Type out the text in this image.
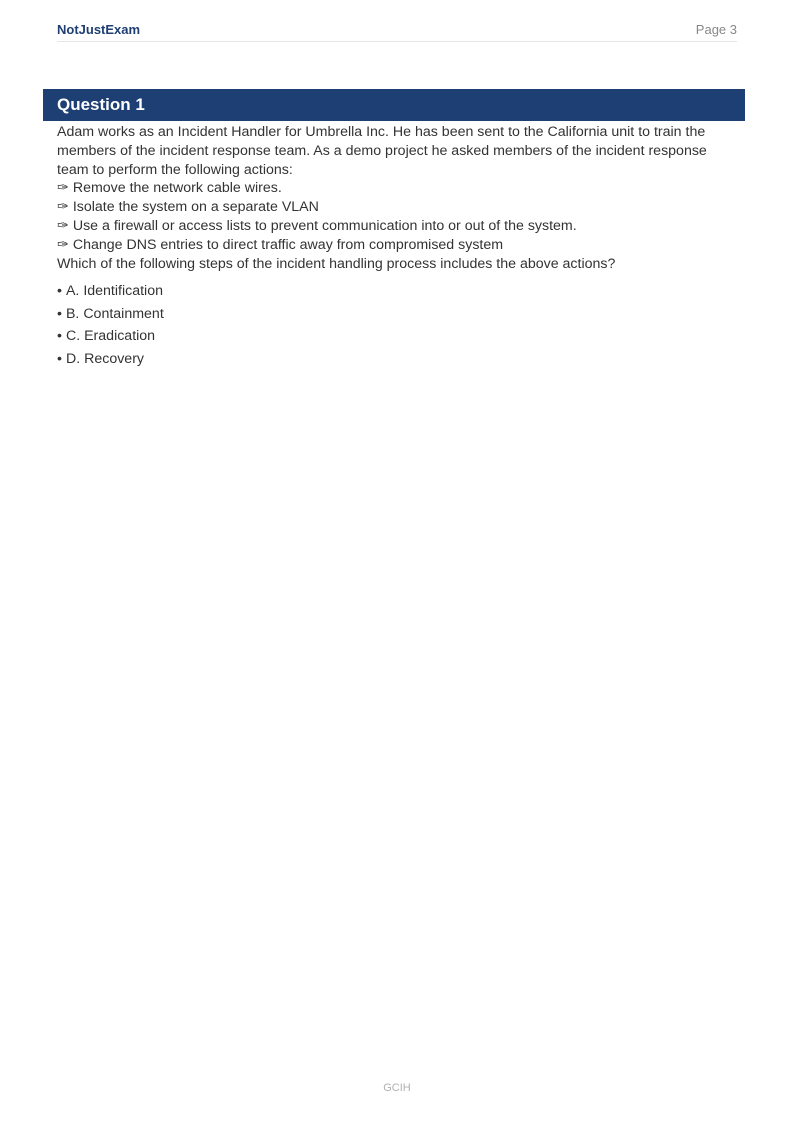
NotJustExam	Page 3
Question 1

Adam works as an Incident Handler for Umbrella Inc. He has been sent to the California unit to train the members of the incident response team. As a demo project he asked members of the incident response team to perform the following actions:

✑ Remove the network cable wires.

✑ Isolate the system on a separate VLAN

✑ Use a firewall or access lists to prevent communication into or out of the system.

✑ Change DNS entries to direct traffic away from compromised system

Which of the following steps of the incident handling process includes the above actions?

• A. Identification
• B. Containment
• C. Eradication
• D. Recovery
GCIH
